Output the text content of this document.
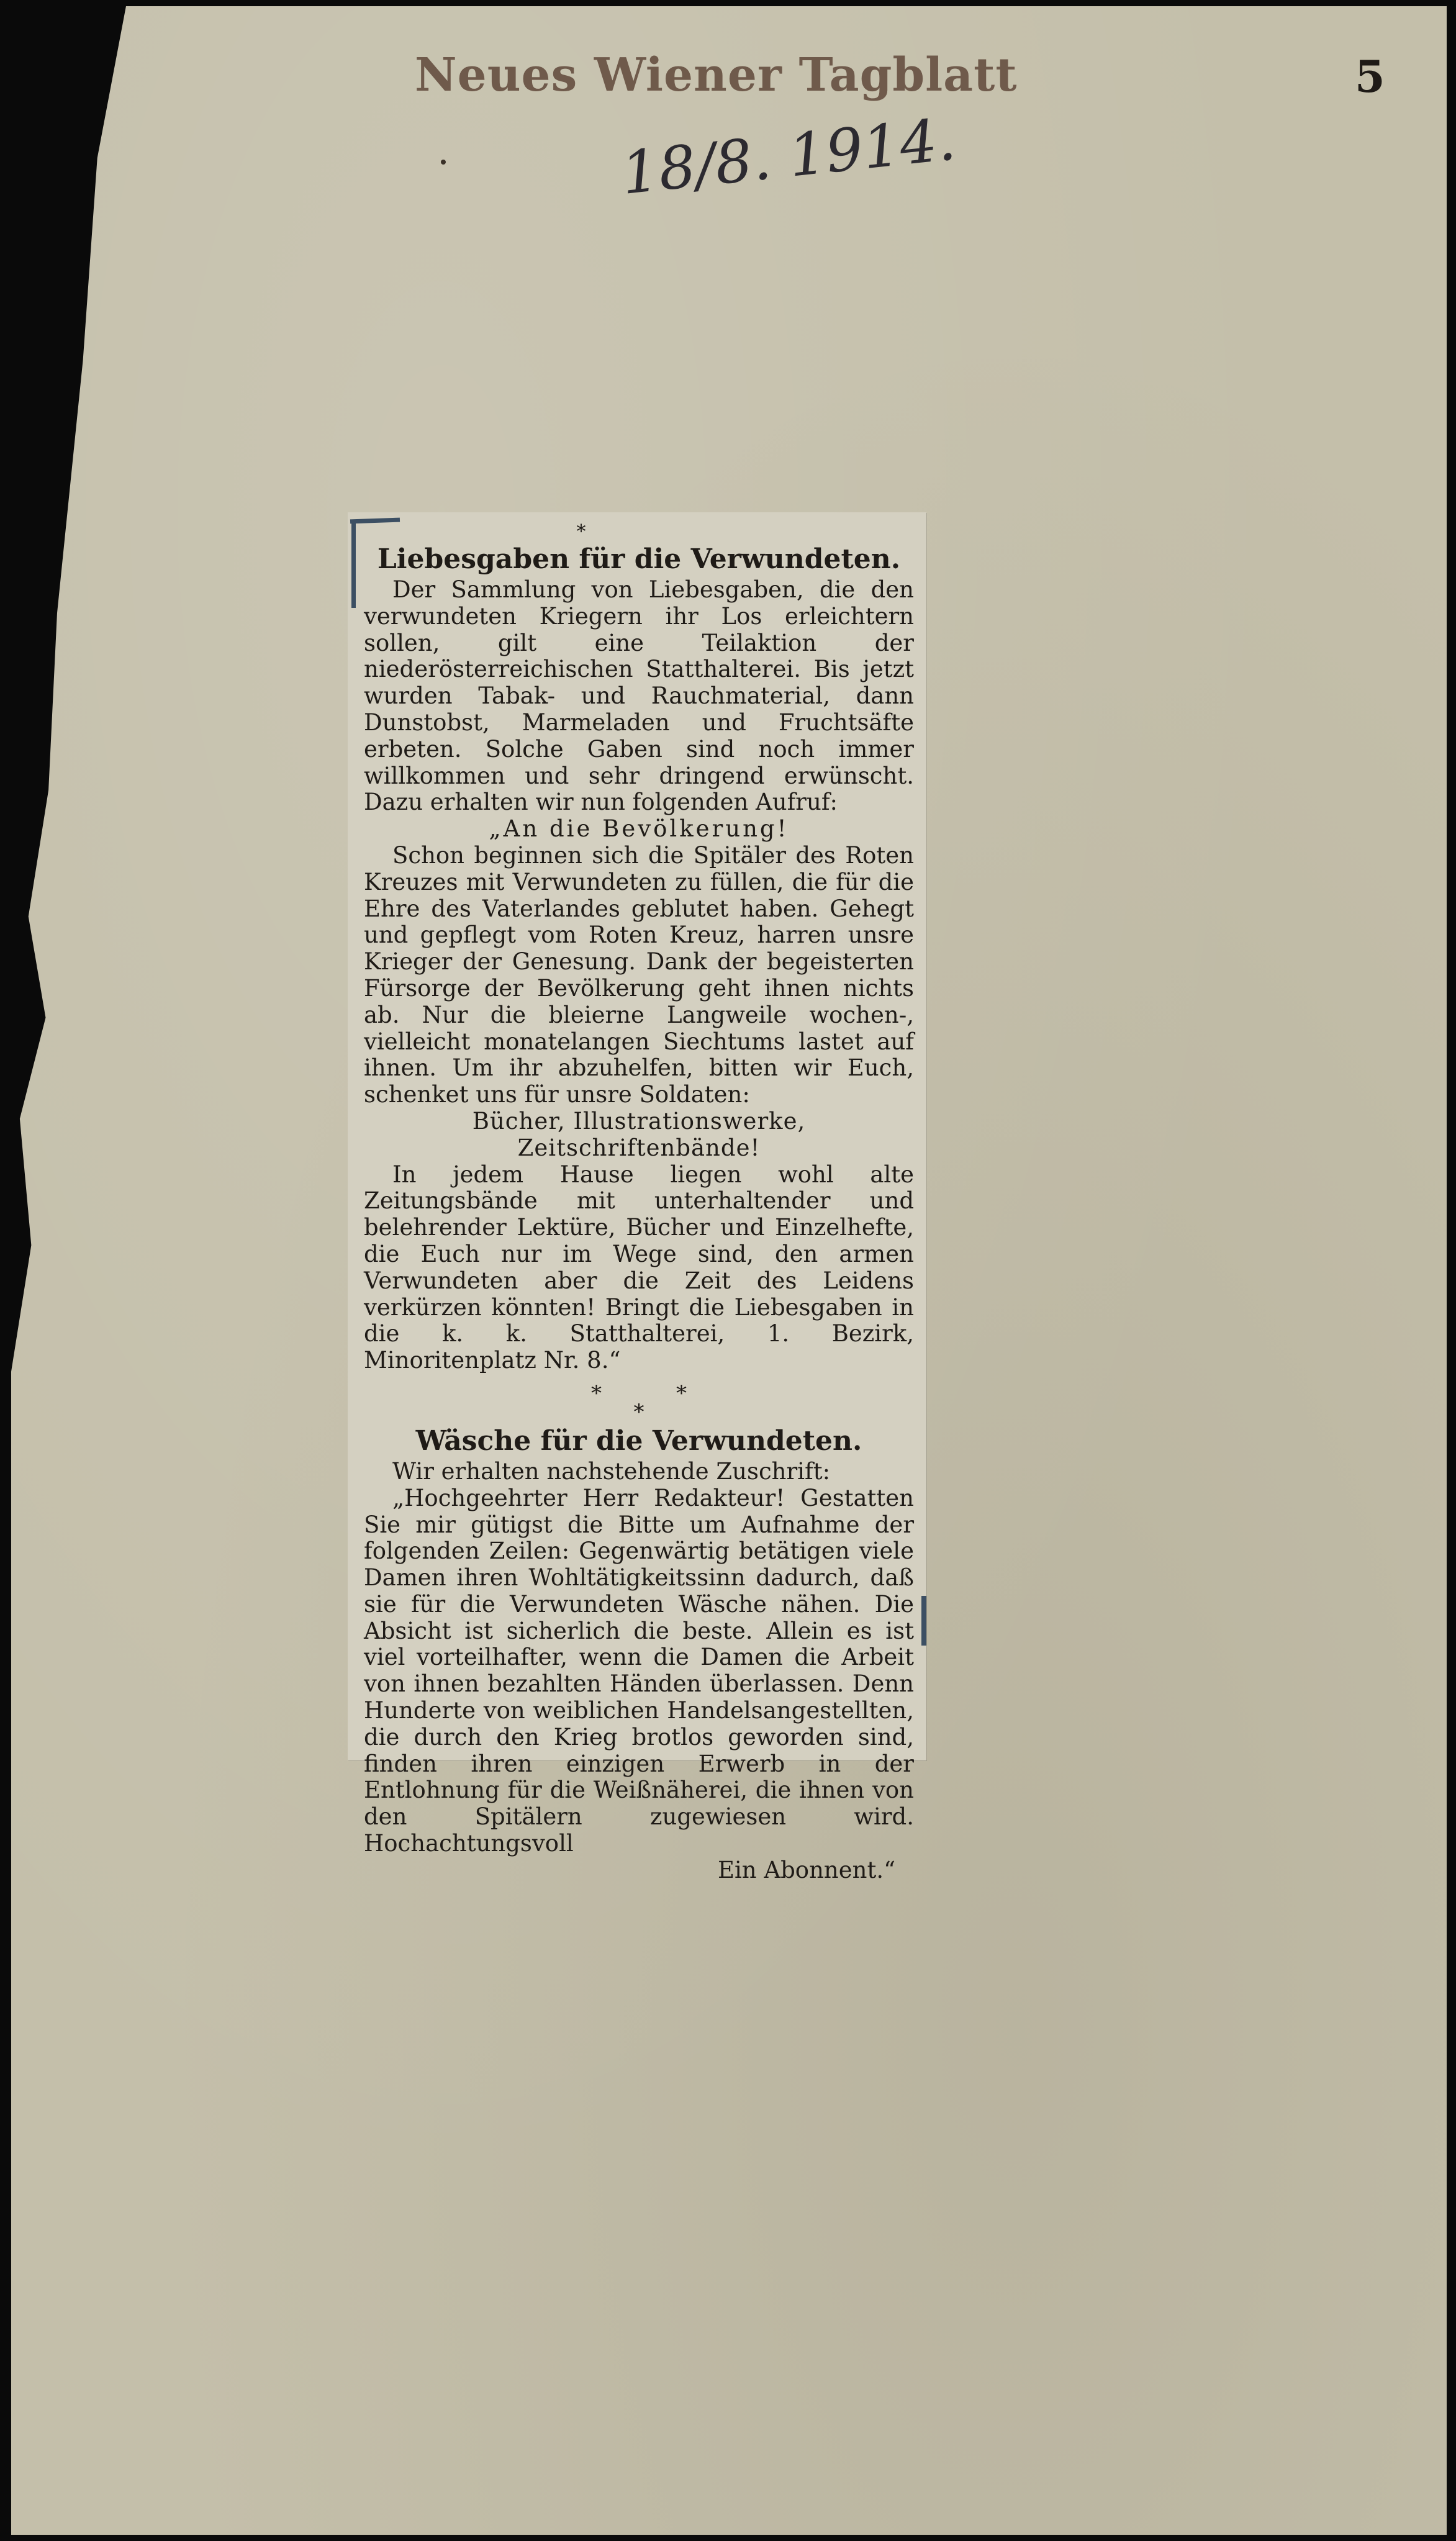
Neues Wiener Tagblatt	5
18/8. 1914.
*
Liebesgaben für die Verwundeten.

Der Sammlung von Liebesgaben, die den verwundeten Kriegern ihr Los erleichtern sollen, gilt eine Teilaktion der niederösterreichischen Statthalterei. Bis jetzt wurden Tabak- und Rauchmaterial, dann Dunstobst, Marmeladen und Fruchtsäfte erbeten. Solche Gaben sind noch immer willkommen und sehr dringend erwünscht. Dazu erhalten wir nun folgenden Aufruf:

„An die Bevölkerung!

Schon beginnen sich die Spitäler des Roten Kreuzes mit Verwundeten zu füllen, die für die Ehre des Vaterlandes geblutet haben. Gehegt und gepflegt vom Roten Kreuz, harren unsre Krieger der Genesung. Dank der begeisterten Fürsorge der Bevölkerung geht ihnen nichts ab. Nur die bleierne Langweile wochen-, vielleicht monatelangen Siechtums lastet auf ihnen. Um ihr abzuhelfen, bitten wir Euch, schenket uns für unsre Soldaten:

Bücher, Illustrationswerke, Zeitschriftenbände!

In jedem Hause liegen wohl alte Zeitungsbände mit unterhaltender und belehrender Lektüre, Bücher und Einzelhefte, die Euch nur im Wege sind, den armen Verwundeten aber die Zeit des Leidens verkürzen könnten! Bringt die Liebesgaben in die k. k. Statthalterei, 1. Bezirk, Minoritenplatz Nr. 8.“

*	*
*
Wäsche für die Verwundeten.

Wir erhalten nachstehende Zuschrift:

„Hochgeehrter Herr Redakteur! Gestatten Sie mir gütigst die Bitte um Aufnahme der folgenden Zeilen: Gegenwärtig betätigen viele Damen ihren Wohltätigkeitssinn dadurch, daß sie für die Verwundeten Wäsche nähen. Die Absicht ist sicherlich die beste. Allein es ist viel vorteilhafter, wenn die Damen die Arbeit von ihnen bezahlten Händen überlassen. Denn Hunderte von weiblichen Handelsangestellten, die durch den Krieg brotlos geworden sind, finden ihren einzigen Erwerb in der Entlohnung für die Weißnäherei, die ihnen von den Spitälern zugewiesen wird. Hochachtungsvoll

Ein Abonnent.“
